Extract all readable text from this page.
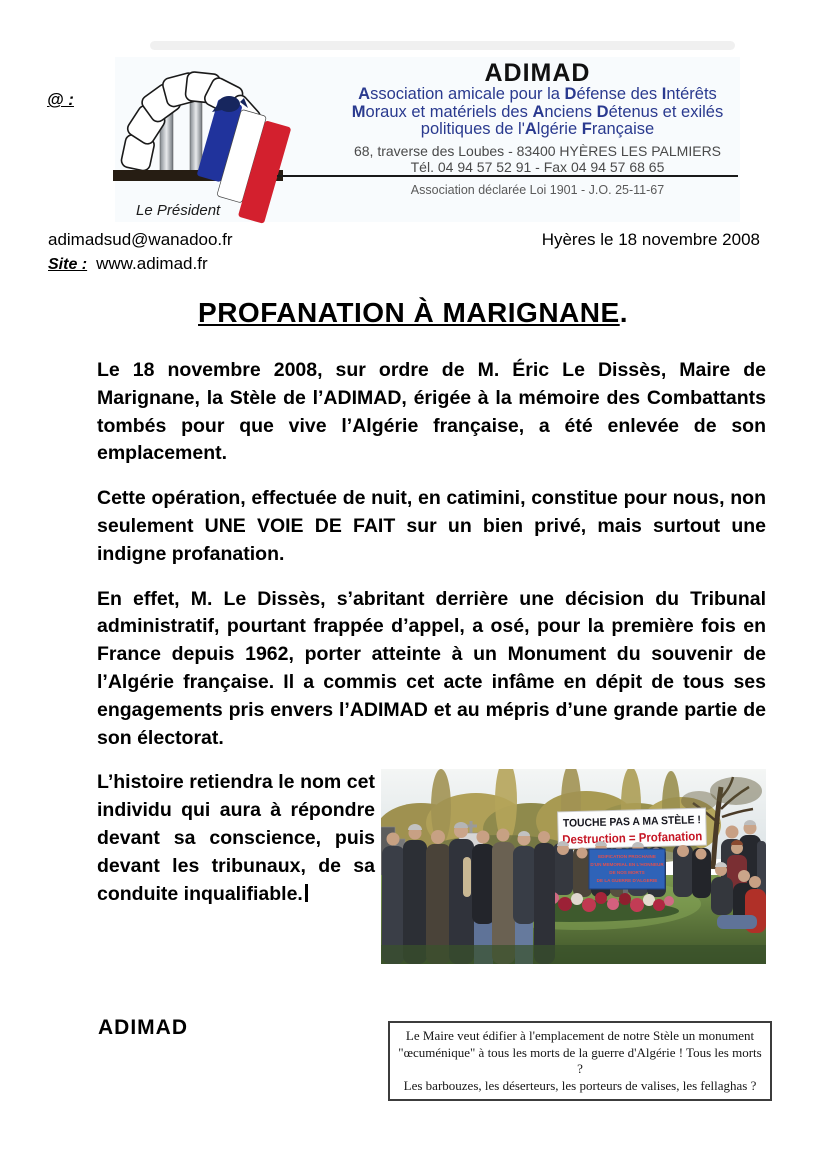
@ :
ADIMAD
Association amicale pour la Défense des Intérêts
Moraux et matériels des Anciens Détenus et exilés
politiques de l'Algérie Française
68, traverse des Loubes - 83400 HYÈRES LES PALMIERS
Tél. 04 94 57 52 91 - Fax 04 94 57 68 65
Association déclarée Loi 1901 - J.O. 25-11-67
Le Président
adimadsud@wanadoo.fr	Hyères le 18 novembre 2008
Site : www.adimad.fr
PROFANATION À MARIGNANE.

Le 18 novembre 2008, sur ordre de M. Éric Le Dissès, Maire de Marignane, la Stèle de l’ADIMAD, érigée à la mémoire des Combattants tombés pour que vive l’Algérie française, a été enlevée de son emplacement.

Cette opération, effectuée de nuit, en catimini, constitue pour nous, non seulement UNE VOIE DE FAIT sur un bien privé, mais surtout une indigne profanation.

En effet, M. Le Dissès, s’abritant derrière une décision du Tribunal administratif, pourtant frappée d’appel, a osé, pour la première fois en France depuis 1962, porter atteinte à un Monument du souvenir de l’Algérie française. Il a commis cet acte infâme en dépit de tous ses engagements pris envers l’ADIMAD et au mépris d’une grande partie de son électorat.

TOUCHE PAS A MA STÈLE !
Destruction = Profanation
EDIFICATION PROCHAINE
D'UN MEMORIAL EN L'HONNEUR
DE NOS MORTS
DE LA GUERRE D'ALGERIE

L’histoire retiendra le nom cet individu qui aura à répondre devant sa conscience, puis devant les tribunaux, de sa conduite inqualifiable.

ADIMAD	Le Maire veut édifier à l'emplacement de notre Stèle un monument
"œcuménique" à tous les morts de la guerre d'Algérie ! Tous les morts ?
Les barbouzes, les déserteurs, les porteurs de valises, les fellaghas ?
